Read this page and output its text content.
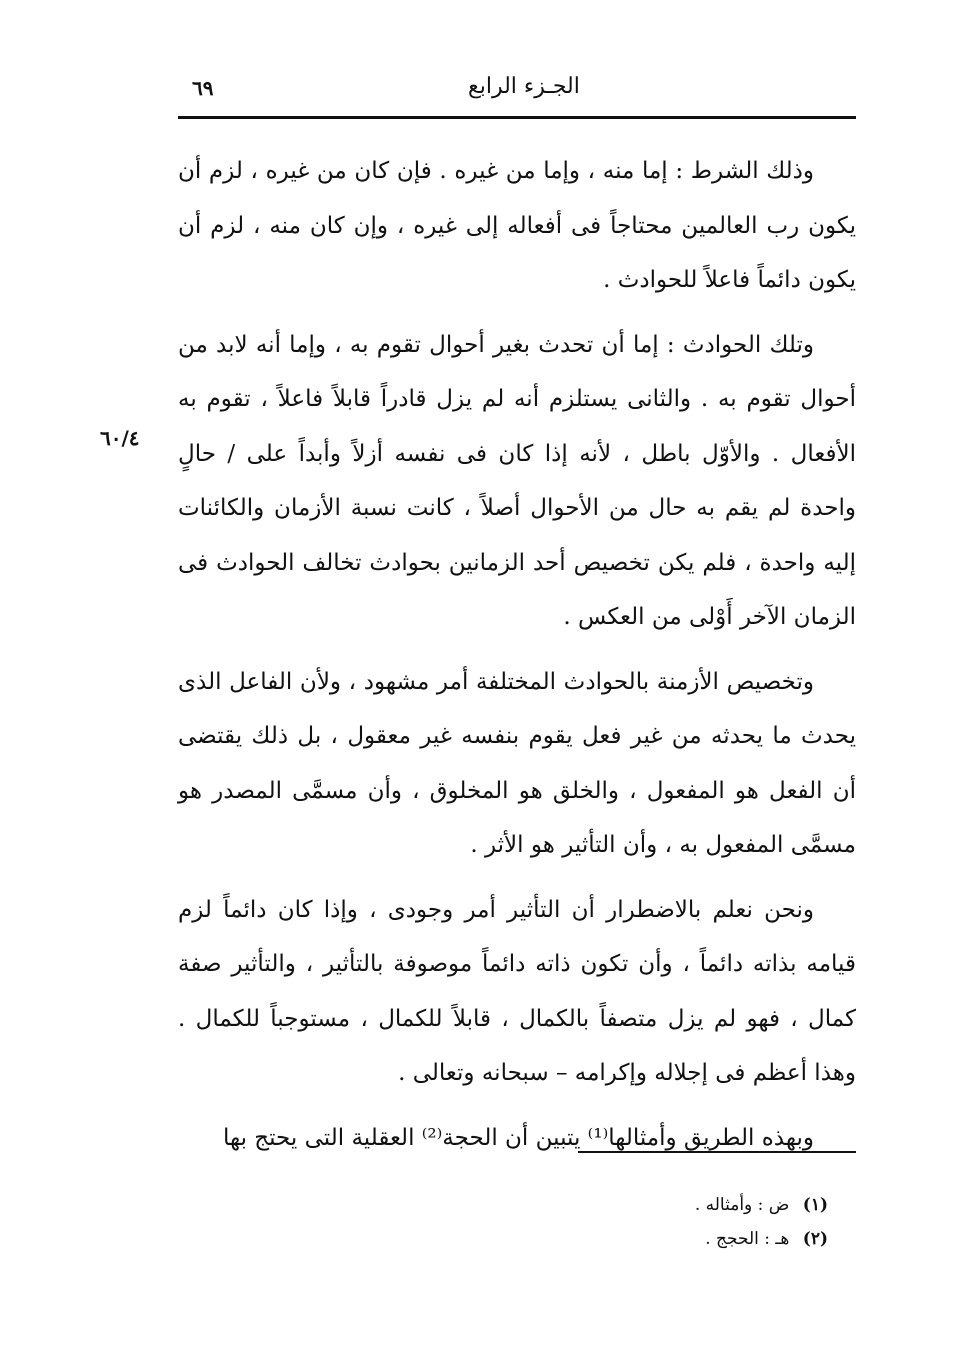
٦٩	الجـزء الرابع
٦٠/٤

وذلك الشرط : إما منه ، وإما من غيره . فإن كان من غيره ، لزم أن يكون رب العالمين محتاجاً فى أفعاله إلى غيره ، وإن كان منه ، لزم أن يكون دائماً فاعلاً للحوادث .

وتلك الحوادث : إما أن تحدث بغير أحوال تقوم به ، وإما أنه لابد من أحوال تقوم به . والثانى يستلزم أنه لم يزل قادراً قابلاً فاعلاً ، تقوم به الأفعال . والأوّل باطل ، لأنه إذا كان فى نفسه أزلاً وأبداً على / حالٍ واحدة لم يقم به حال من الأحوال أصلاً ، كانت نسبة الأزمان والكائنات إليه واحدة ، فلم يكن تخصيص أحد الزمانين بحوادث تخالف الحوادث فى الزمان الآخر أَوْلى من العكس .

وتخصيص الأزمنة بالحوادث المختلفة أمر مشهود ، ولأن الفاعل الذى يحدث ما يحدثه من غير فعل يقوم بنفسه غير معقول ، بل ذلك يقتضى أن الفعل هو المفعول ، والخلق هو المخلوق ، وأن مسمَّى المصدر هو مسمَّى المفعول به ، وأن التأثير هو الأثر .

ونحن نعلم بالاضطرار أن التأثير أمر وجودى ، وإذا كان دائماً لزم قيامه بذاته دائماً ، وأن تكون ذاته دائماً موصوفة بالتأثير ، والتأثير صفة كمال ، فهو لم يزل متصفاً بالكمال ، قابلاً للكمال ، مستوجباً للكمال . وهذا أعظم فى إجلاله وإكرامه – سبحانه وتعالى .

وبهذه الطريق وأمثالها⁽¹⁾ يتبين أن الحجة⁽²⁾ العقلية التى يحتج بها

(١) ض : وأمثاله .

(٢) هـ : الحجج .
